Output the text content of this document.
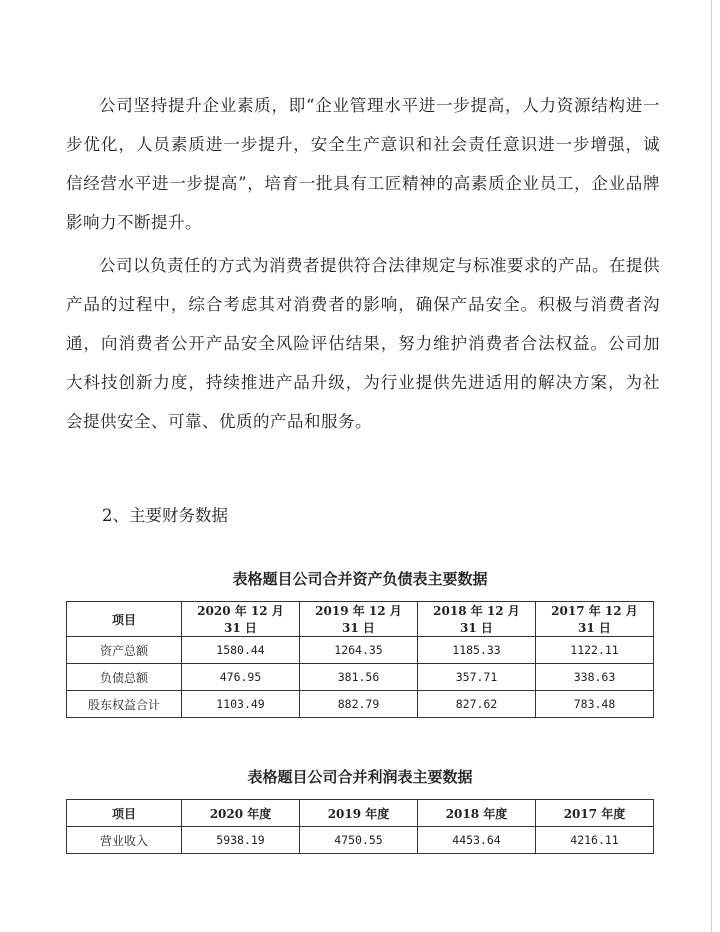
公司坚持提升企业素质，即“企业管理水平进一步提高，人力资源结构进一步优化，人员素质进一步提升，安全生产意识和社会责任意识进一步增强，诚信经营水平进一步提高”，培育一批具有工匠精神的高素质企业员工，企业品牌影响力不断提升。

公司以负责任的方式为消费者提供符合法律规定与标准要求的产品。在提供产品的过程中，综合考虑其对消费者的影响，确保产品安全。积极与消费者沟通，向消费者公开产品安全风险评估结果，努力维护消费者合法权益。公司加大科技创新力度，持续推进产品升级，为行业提供先进适用的解决方案，为社会提供安全、可靠、优质的产品和服务。

2、主要财务数据

表格题目公司合并资产负债表主要数据

项目	2020 年 12 月 31 日	2019 年 12 月 31 日	2018 年 12 月 31 日	2017 年 12 月 31 日
资产总额	1580.44	1264.35	1185.33	1122.11
负债总额	476.95	381.56	357.71	338.63
股东权益合计	1103.49	882.79	827.62	783.48

表格题目公司合并利润表主要数据

项目	2020 年度	2019 年度	2018 年度	2017 年度
营业收入	5938.19	4750.55	4453.64	4216.11
